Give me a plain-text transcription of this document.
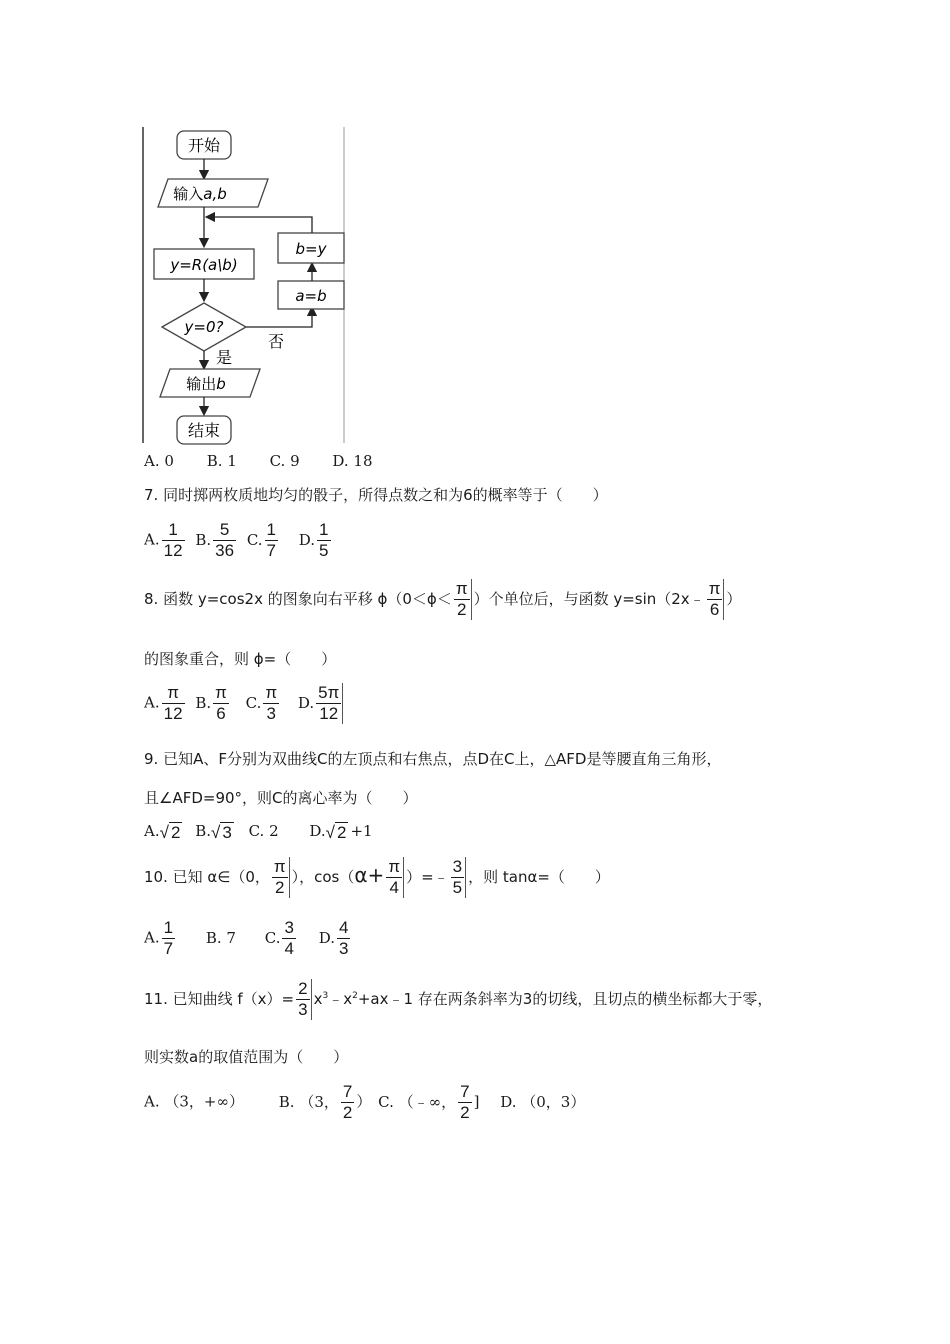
开始
输入a,b
y=R(a\b)
y=0?
是
否
a=b
b=y
输出b
结束
A. 0 B. 1 C. 9 D. 18
7. 同时掷两枚质地均匀的骰子，所得点数之和为6的概率等于（　　）
A. $\frac{1}{12} B$. $\frac{5}{36} C$. $\frac{1}{7} D$. $\frac{1}{5}$
8. 函数 y=cos2x 的图象向右平移 $\phi(0<\phi< \frac{\pi}{2}$ ）个单位后，与函数 y=sin（2x﹣ $\frac{\pi}{6}$ ）
的图象重合，则 ϕ=（　　）
A. $\frac{\pi}{12} B$. $\frac{\pi}{6} C$. $\frac{\pi}{3} D$. $\frac{5\pi}{12}$
9. 已知A、F分别为双曲线C的左顶点和右焦点，点D在C上，△AFD是等腰直角三角形，
且∠AFD=90°，则C的离心率为（　　）
A. √ 2 B. √ 3 C. 2 D. √ 2 +1
10. 已知 α∈（0， $\frac{\pi}{2}$ ），$\cos(\alpha+ \frac{\pi}{4}$ ）=﹣ $\frac{3}{5}$ ，则 tanα=（　　）
A. $\frac{1}{7} B$. 7 C. $\frac{3}{4} D$. $\frac{4}{3}$
11. 已知曲线 $f(x)= \frac{2}{3}$ $x^3﹣x^2+ax﹣1$ 存在两条斜率为3的切线，且切点的横坐标都大于零，
则实数a的取值范围为（　　）
A. （3，+∞） B. （3， $\frac{7}{2}$ ） C. （﹣∞， $\frac{7}{2}$ ] D. （0，3）
